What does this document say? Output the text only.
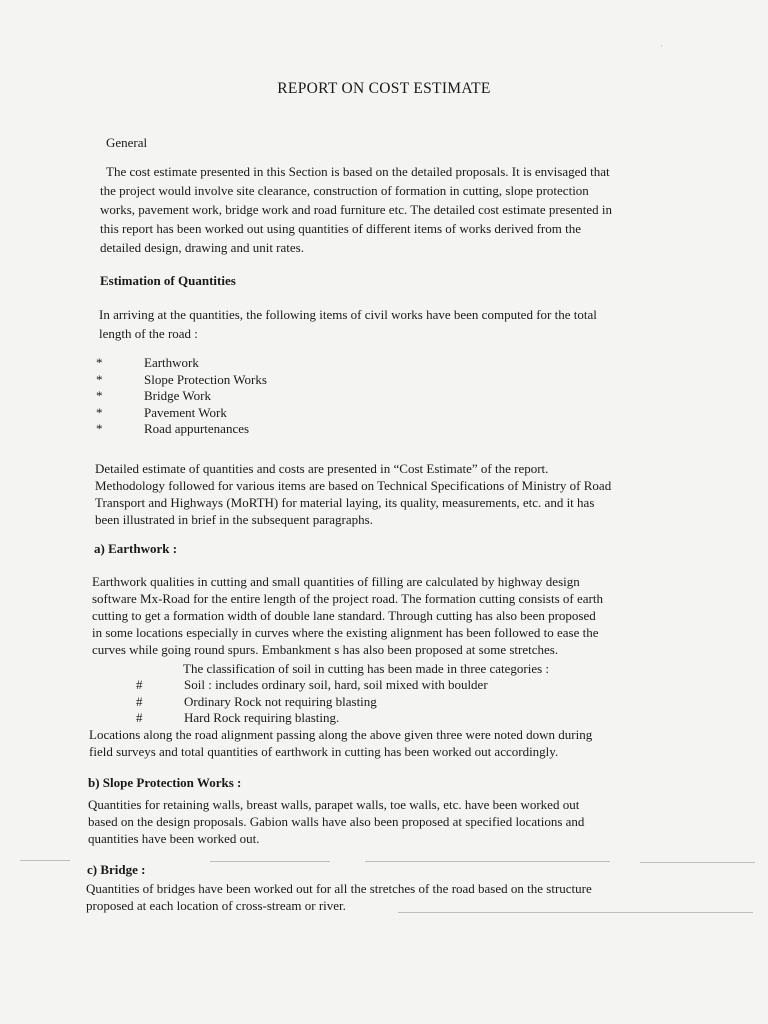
ˈ
REPORT ON COST ESTIMATE
General
The cost estimate presented in this Section is based on the detailed proposals. It is envisaged that
the project would involve site clearance, construction of formation in cutting, slope protection
works, pavement work, bridge work and road furniture etc. The detailed cost estimate presented in
this report has been worked out using quantities of different items of works derived from the
detailed design, drawing and unit rates.
Estimation of Quantities
In arriving at the quantities, the following items of civil works have been computed for the total
length of the road :
*	Earthwork
*	Slope Protection Works
*	Bridge Work
*	Pavement Work
*	Road appurtenances
Detailed estimate of quantities and costs are presented in “Cost Estimate” of the report.
Methodology followed for various items are based on Technical Specifications of Ministry of Road
Transport and Highways (MoRTH) for material laying, its quality, measurements, etc. and it has
been illustrated in brief in the subsequent paragraphs.
a) Earthwork :
Earthwork qualities in cutting and small quantities of filling are calculated by highway design
software Mx-Road for the entire length of the project road. The formation cutting consists of earth
cutting to get a formation width of double lane standard. Through cutting has also been proposed
in some locations especially in curves where the existing alignment has been followed to ease the
curves while going round spurs. Embankment s has also been proposed at some stretches.
The classification of soil in cutting has been made in three categories :
#	Soil : includes ordinary soil, hard, soil mixed with boulder
#	Ordinary Rock not requiring blasting
#	Hard Rock requiring blasting.
Locations along the road alignment passing along the above given three were noted down during
field surveys and total quantities of earthwork in cutting has been worked out accordingly.
b) Slope Protection Works :
Quantities for retaining walls, breast walls, parapet walls, toe walls, etc. have been worked out
based on the design proposals. Gabion walls have also been proposed at specified locations and
quantities have been worked out.
c) Bridge :
Quantities of bridges have been worked out for all the stretches of the road based on the structure
proposed at each location of cross-stream or river.
